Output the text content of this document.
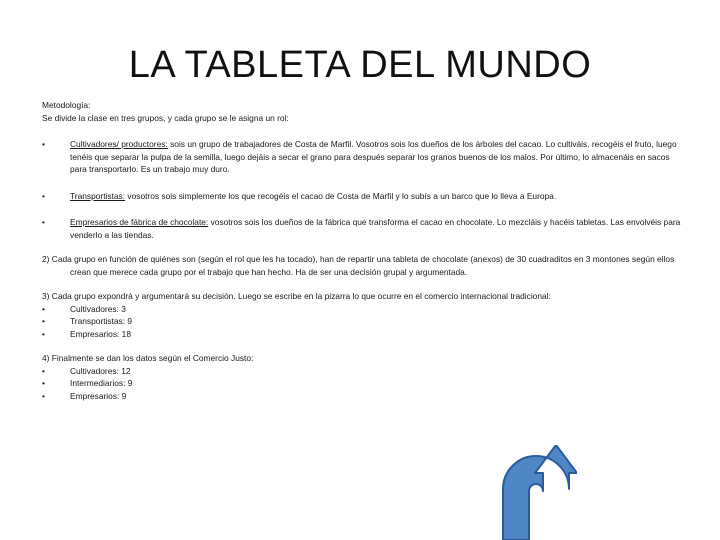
LA TABLETA DEL MUNDO

Metodología:

Se divide la clase en tres grupos, y cada grupo se le asigna un rol:

•	Cultivadores/ productores: sois un grupo de trabajadores de Costa de Marfil. Vosotros sois los dueños de los árboles del cacao. Lo cultiváis, recogéis el fruto, luego tenéis que separar la pulpa de la semilla, luego dejáis a secar el grano para después separar los granos buenos de los malos. Por último, lo almacenáis en sacos para transportarlo. Es un trabajo muy duro.

•	Transportistas: vosotros sois simplemente los que recogéis el cacao de Costa de Marfil y lo subís a un barco que lo lleva a Europa.

•	Empresarios de fábrica de chocolate: vosotros sois los dueños de la fábrica que transforma el cacao en chocolate. Lo mezcláis y hacéis tabletas. Las envolvéis para venderlo a las tiendas.

2) Cada grupo en función de quiénes son (según el rol que les ha tocado), han de repartir una tableta de chocolate (anexos) de 30 cuadraditos en 3 montones según ellos crean que merece cada grupo por el trabajo que han hecho. Ha de ser una decisión grupal y argumentada.

3) Cada grupo expondrá y argumentará su decisión. Luego se escribe en la pizarra lo que ocurre en el comercio internacional tradicional:

•	Cultivadores: 3

•	Transportistas: 9

•	Empresarios: 18

4) Finalmente se dan los datos según el Comercio Justo:

•	Cultivadores: 12

•	Intermediarios: 9

•	Empresarios: 9
